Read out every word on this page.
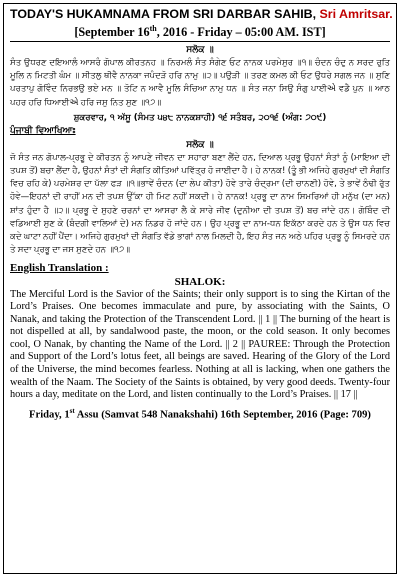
TODAY'S HUKAMNAMA FROM SRI DARBAR SAHIB, Sri Amritsar.
[September 16th, 2016 - Friday – 05:00 AM. IST]
ਸਲੋਕ ॥
ਸੰਤ ਉਧਰਣ ਦਇਆਲੰ ਆਸਰੰ ਗੋਪਾਲ ਕੀਰਤਨਹ ॥ ਨਿਰਮਲੰ ਸੰਤ ਸੰਗੇਣ ਓਟ ਨਾਨਕ ਪਰਮੇਸੁਰ ॥੧॥ ਚੰਦਨ ਚੰਦੁ ਨ ਸਰਦ ਰੁਤਿ ਮੂਲਿ ਨ ਮਿਟਤੀ ਘੰਮ ॥ ਸੀਤਲੁ ਥੀਵੈ ਨਾਨਕਾ ਜਪੰਦੜੋ ਹਰਿ ਨਾਮੁ ॥੨॥ ਪਉੜੀ ॥ ਤਰਣ ਕਮਲ ਕੀ ਓਟ ਉਧਰੇ ਸਗਲ ਜਨ ॥ ਸੁਣਿ ਪਰਤਾਪੁ ਗੋਵਿੰਦ ਨਿਰਭਉ ਭਏ ਮਨ ॥ ਤੋਟਿ ਨ ਆਵੈ ਮੂਲਿ ਸੰਚਿਆ ਨਾਮੁ ਧਨ ॥ ਸੰਤ ਜਨਾ ਸਿਉ ਸੰਗੁ ਪਾਈએ ਵਡੈ ਪੁਨ ॥ ਆਠ ਪਹਰ ਹਰਿ ਧਿਆਈએ ਹਰਿ ਜਸੁ ਨਿਤ ਸੁਣ ॥੧੭॥
ਸ਼ੁਕਰਵਾਰ, ੧ ਅੱਸੂ (ਸੰਮਤ ੫੪੮ ਨਾਨਕਸ਼ਾਹੀ) ੧੬ ਸਤੰਬਰ, ੨੦੧੬ (ਅੰਗ: ੭੦੯)
ਪੰਜਾਬੀ ਵਿਆਖਿਆਃ
ਸਲੋਕ ॥
ਜੋ ਸੰਤ ਜਨ ਗੋਪਾਲ-ਪ੍ਰਭੂ ਦੇ ਕੀਰਤਨ ਨੂੰ ਆਪਣੇ ਜੀਵਨ ਦਾ ਸਹਾਰਾ ਬਣਾ ਲੈਂਦੇ ਹਨ, ਦਿਆਲ ਪ੍ਰਭੂ ਉਹਨਾਂ ਸੰਤਾਂ ਨੂੰ (ਮਾਇਆ ਦੀ ਤਪਸ਼ ਤੋਂ) ਬਚਾ ਲੈਂਦਾ ਹੈ, ਉਹਨਾਂ ਸੰਤਾਂ ਦੀ ਸੰਗਤਿ ਕੀਤਿਆਂ ਪਵਿੱਤ੍ਰ ਹੋ ਜਾਈਦਾ ਹੈ। ਹੇ ਨਾਨਕ! (ਤੂੰ ਭੀ ਅਜਿਹੇ ਗੁਰਮੁਖਾਂ ਦੀ ਸੰਗਤਿ ਵਿਚ ਰਹਿ ਕੇ) ਪਰਮੇਸ਼ਰ ਦਾ ਪੱਲਾ ਫੜ ॥੧॥ਭਾਵੇਂ ਚੰਦਨ (ਦਾ ਲੇਪ ਕੀਤਾ) ਹੋਵੇ ਤਾਰੇ ਚੰਦ੍ਰਮਾ (ਦੀ ਚਾਨਣੀ) ਹੋਵੇ, ਤੇ ਭਾਵੇਂ ਠੰਢੀ ਰੁੱਤ ਹੋਵੇ—ਇਹਨਾਂ ਦੀ ਰਾਹੀਂ ਮਨ ਦੀ ਤਪਸ਼ ਉੱਕਾ ਹੀ ਮਿਟ ਨਹੀਂ ਸਕਦੀ। ਹੇ ਨਾਨਕ! ਪ੍ਰਭੂ ਦਾ ਨਾਮ ਸਿਮਰਿਆਂ ਹੀ ਮਨੁੱਖ (ਦਾ ਮਨ) ਸ਼ਾਂਤ ਹੁੰਦਾ ਹੈ ॥੨॥ ਪ੍ਰਭੂ ਦੇ ਸੁਹਣੇ ਚਰਨਾਂ ਦਾ ਆਸਰਾ ਲੈ ਕੇ ਸਾਰੇ ਜੀਵ (ਦੁਨੀਆ ਦੀ ਤਪਸ਼ ਤੋਂ) ਬਚ ਜਾਂਦੇ ਹਨ। ਗੋਬਿੰਦ ਦੀ ਵਡਿਆਈ ਸੁਣ ਕੇ (ਬੰਦਗੀ ਵਾਲਿਆਂ ਦੇ) ਮਨ ਨਿਡਰ ਹੋ ਜਾਂਦੇ ਹਨ। ਉਹ ਪ੍ਰਭੂ ਦਾ ਨਾਮ-ਧਨ ਇਕੱਠਾ ਕਰਦੇ ਹਨ ਤੇ ਉਸ ਧਨ ਵਿਚ ਕਦੇ ਘਾਟਾ ਨਹੀਂ ਪੈਂਦਾ। ਅਜਿਹੇ ਗੁਰਮੁਖਾਂ ਦੀ ਸੰਗਤਿ ਵੱਡੇ ਭਾਗਾਂ ਨਾਲ ਮਿਲਦੀ ਹੈ, ਇਹ ਸੰਤ ਜਨ ਅਠੇ ਪਹਿਰ ਪ੍ਰਭੂ ਨੂੰ ਸਿਮਰਦੇ ਹਨ ਤੇ ਸਦਾ ਪ੍ਰਭੂ ਦਾ ਜਸ ਸੁਣਦੇ ਹਨ ॥੧੭॥
English Translation :
SHALOK:
The Merciful Lord is the Savior of the Saints; their only support is to sing the Kirtan of the Lord’s Praises. One becomes immaculate and pure, by associating with the Saints, O Nanak, and taking the Protection of the Transcendent Lord. || 1 || The burning of the heart is not dispelled at all, by sandalwood paste, the moon, or the cold season. It only becomes cool, O Nanak, by chanting the Name of the Lord. || 2 || PAUREE: Through the Protection and Support of the Lord’s lotus feet, all beings are saved. Hearing of the Glory of the Lord of the Universe, the mind becomes fearless. Nothing at all is lacking, when one gathers the wealth of the Naam. The Society of the Saints is obtained, by very good deeds. Twenty-four hours a day, meditate on the Lord, and listen continually to the Lord’s Praises. || 17 ||
Friday, 1st Assu (Samvat 548 Nanakshahi) 16th September, 2016 (Page: 709)
